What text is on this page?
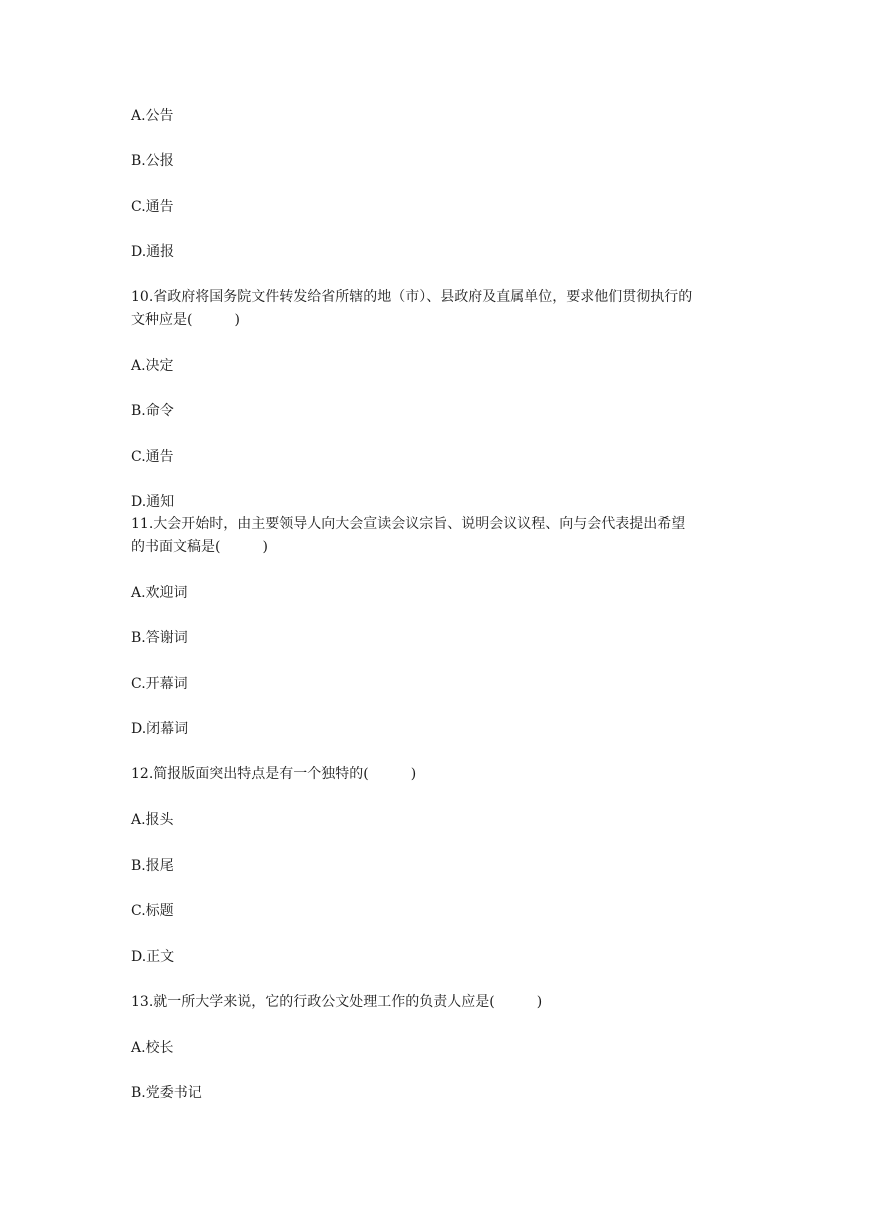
A.公告
B.公报
C.通告
D.通报
10.省政府将国务院文件转发给省所辖的地（市）、县政府及直属单位，要求他们贯彻执行的
文种应是(　　　)
A.决定
B.命令
C.通告
D.通知
11.大会开始时，由主要领导人向大会宣读会议宗旨、说明会议议程、向与会代表提出希望
的书面文稿是(　　　)
A.欢迎词
B.答谢词
C.开幕词
D.闭幕词
12.简报版面突出特点是有一个独特的(　　　)
A.报头
B.报尾
C.标题
D.正文
13.就一所大学来说，它的行政公文处理工作的负责人应是(　　　)
A.校长
B.党委书记
